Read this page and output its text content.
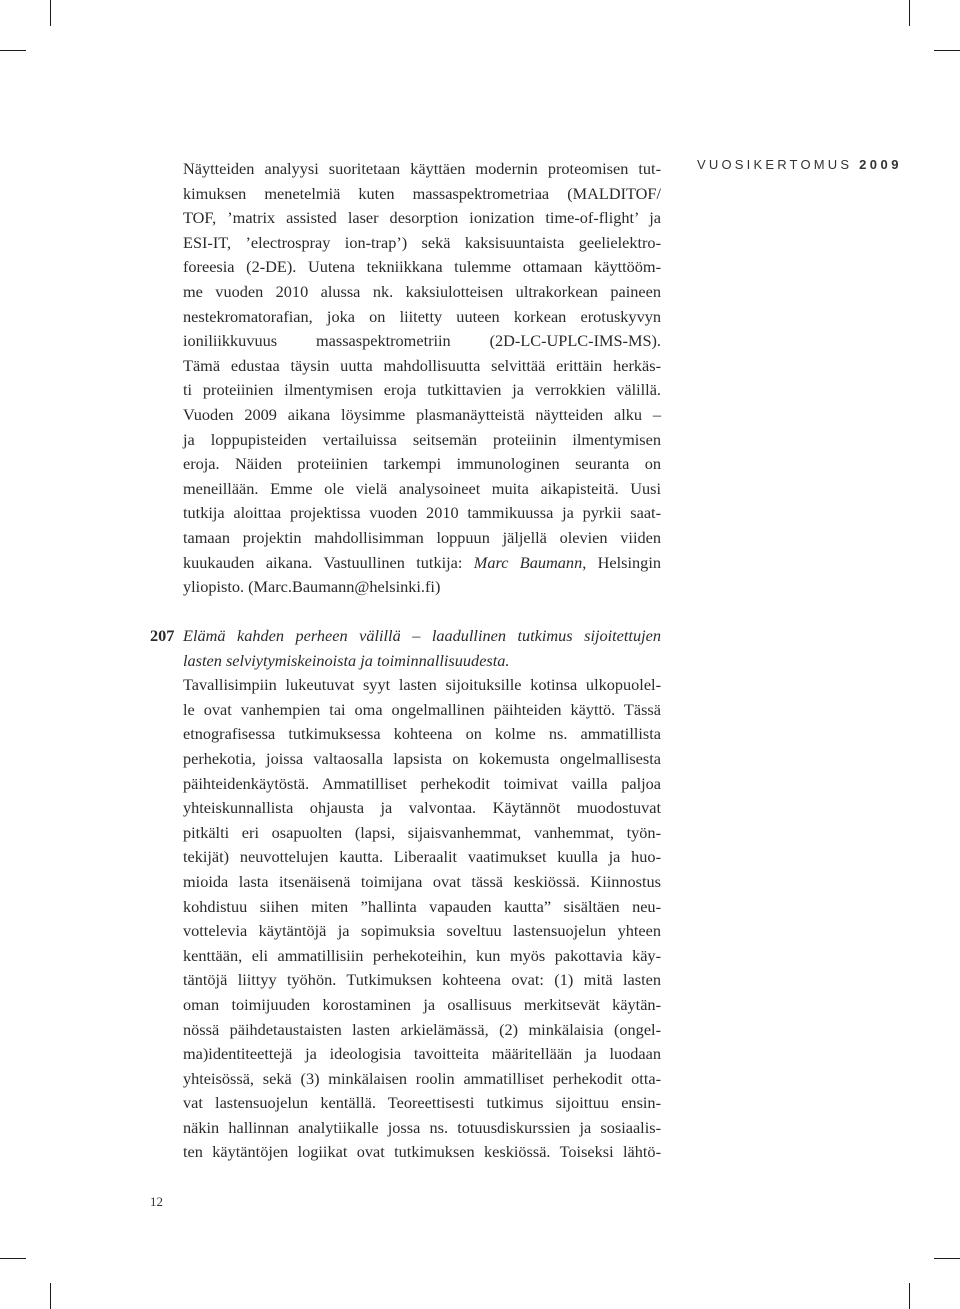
VUOSIKERTOMUS 2009
Näytteiden analyysi suoritetaan käyttäen modernin proteomisen tut-
kimuksen menetelmiä kuten massaspektrometriaa (MALDITOF/
TOF, ’matrix assisted laser desorption ionization time-of-flight’ ja
ESI-IT, ’electrospray ion-trap’) sekä kaksisuuntaista geelielektro-
foreesia (2-DE). Uutena tekniikkana tulemme ottamaan käyttööm-
me vuoden 2010 alussa nk. kaksiulotteisen ultrakorkean paineen
nestekromatorafian, joka on liitetty uuteen korkean erotuskyvyn
ioniliikkuvuus massaspektrometriin (2D-LC-UPLC-IMS-MS).
Tämä edustaa täysin uutta mahdollisuutta selvittää erittäin herkäs-
ti proteiinien ilmentymisen eroja tutkittavien ja verrokkien välillä.
Vuoden 2009 aikana löysimme plasmanäytteistä näytteiden alku –
ja loppupisteiden vertailuissa seitsemän proteiinin ilmentymisen
eroja. Näiden proteiinien tarkempi immunologinen seuranta on
meneillään. Emme ole vielä analysoineet muita aikapisteitä. Uusi
tutkija aloittaa projektissa vuoden 2010 tammikuussa ja pyrkii saat-
tamaan projektin mahdollisimman loppuun jäljellä olevien viiden
kuukauden aikana. Vastuullinen tutkija: Marc Baumann, Helsingin
yliopisto. (Marc.Baumann@helsinki.fi)
207 Elämä kahden perheen välillä – laadullinen tutkimus sijoitettujen
lasten selviytymiskeinoista ja toiminnallisuudesta.
Tavallisimpiin lukeutuvat syyt lasten sijoituksille kotinsa ulkopuolel-
le ovat vanhempien tai oma ongelmallinen päihteiden käyttö. Tässä
etnografisessa tutkimuksessa kohteena on kolme ns. ammatillista
perhekotia, joissa valtaosalla lapsista on kokemusta ongelmallisesta
päihteidenkäytöstä. Ammatilliset perhekodit toimivat vailla paljoa
yhteiskunnallista ohjausta ja valvontaa. Käytännöt muodostuvat
pitkälti eri osapuolten (lapsi, sijaisvanhemmat, vanhemmat, työn-
tekijät) neuvottelujen kautta. Liberaalit vaatimukset kuulla ja huo-
mioida lasta itsenäisenä toimijana ovat tässä keskiössä. Kiinnostus
kohdistuu siihen miten ”hallinta vapauden kautta” sisältäen neu-
vottelevia käytäntöjä ja sopimuksia soveltuu lastensuojelun yhteen
kenttään, eli ammatillisiin perhekoteihin, kun myös pakottavia käy-
täntöjä liittyy työhön. Tutkimuksen kohteena ovat: (1) mitä lasten
oman toimijuuden korostaminen ja osallisuus merkitsevät käytän-
nössä päihdetaustaisten lasten arkielämässä, (2) minkälaisia (ongel-
ma)identiteettejä ja ideologisia tavoitteita määritellään ja luodaan
yhteisössä, sekä (3) minkälaisen roolin ammatilliset perhekodit otta-
vat lastensuojelun kentällä. Teoreettisesti tutkimus sijoittuu ensin-
näkin hallinnan analytiikalle jossa ns. totuusdiskurssien ja sosiaalis-
ten käytäntöjen logiikat ovat tutkimuksen keskiössä. Toiseksi lähtö-
12
